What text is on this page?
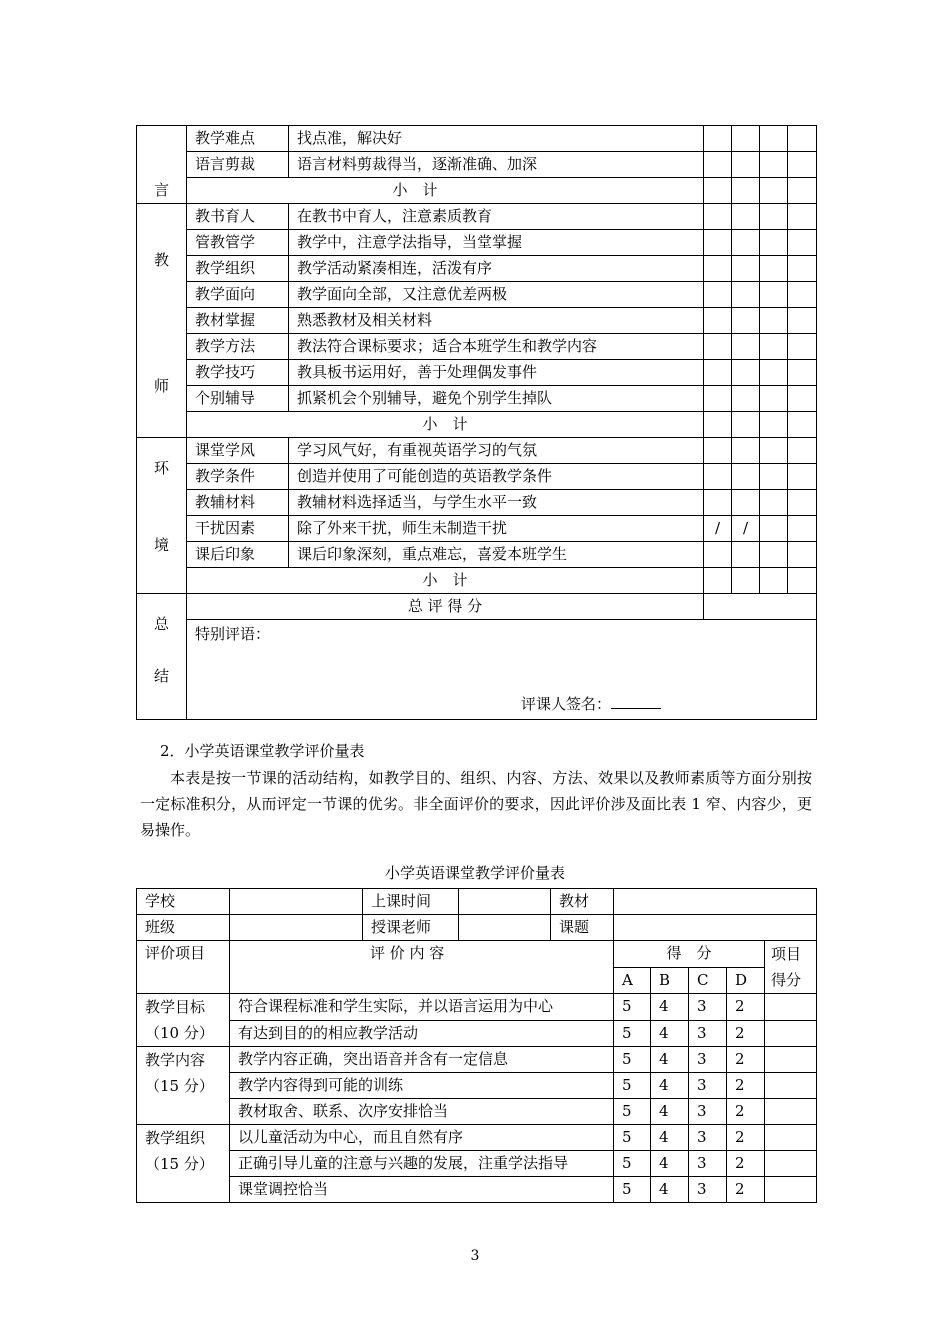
言	教学难点	找点准，解决好				
	语言剪裁	语言材料剪裁得当，逐渐准确、加深				
	小　计					

教
师	教书育人	在教书中育人，注意素质教育				
	管教管学	教学中，注意学法指导，当堂掌握				
	教学组织	教学活动紧凑相连，活泼有序				
	教学面向	教学面向全部，又注意优差两极				
	教材掌握	熟悉教材及相关材料				
	教学方法	教法符合课标要求；适合本班学生和教学内容				
	教学技巧	教具板书运用好，善于处理偶发事件				
	个别辅导	抓紧机会个别辅导，避免个别学生掉队				
	小　计					

环
境	课堂学风	学习风气好，有重视英语学习的气氛				
	教学条件	创造并使用了可能创造的英语教学条件				
	教辅材料	教辅材料选择适当，与学生水平一致				
	干扰因素	除了外来干扰，师生未制造干扰	/	/		
	课后印象	课后印象深刻，重点难忘，喜爱本班学生				
	小　计					

总
结	总 评 得 分					
	特别评语：
评课人签名：					
2．小学英语课堂教学评价量表
本表是按一节课的活动结构，如教学目的、组织、内容、方法、效果以及教师素质等方面分别按一定标准积分，从而评定一节课的优劣。非全面评价的要求，因此评价涉及面比表 1 窄、内容少，更易操作。
小学英语课堂教学评价量表
学校		上课时间		教材					
班级		授课老师		课题					
评价项目	评 价 内 容				得　分				项目
得分
					A	B	C	D	
教学目标
（10 分）	符合课程标准和学生实际，并以语言运用为中心				5	4	3	2	
	有达到目的的相应教学活动				5	4	3	2	
教学内容
（15 分）	教学内容正确，突出语音并含有一定信息				5	4	3	2	
	教学内容得到可能的训练				5	4	3	2	
	教材取舍、联系、次序安排恰当				5	4	3	2	
教学组织
（15 分）	以儿童活动为中心，而且自然有序				5	4	3	2	
	正确引导儿童的注意与兴趣的发展，注重学法指导				5	4	3	2	
	课堂调控恰当				5	4	3	2	
3
